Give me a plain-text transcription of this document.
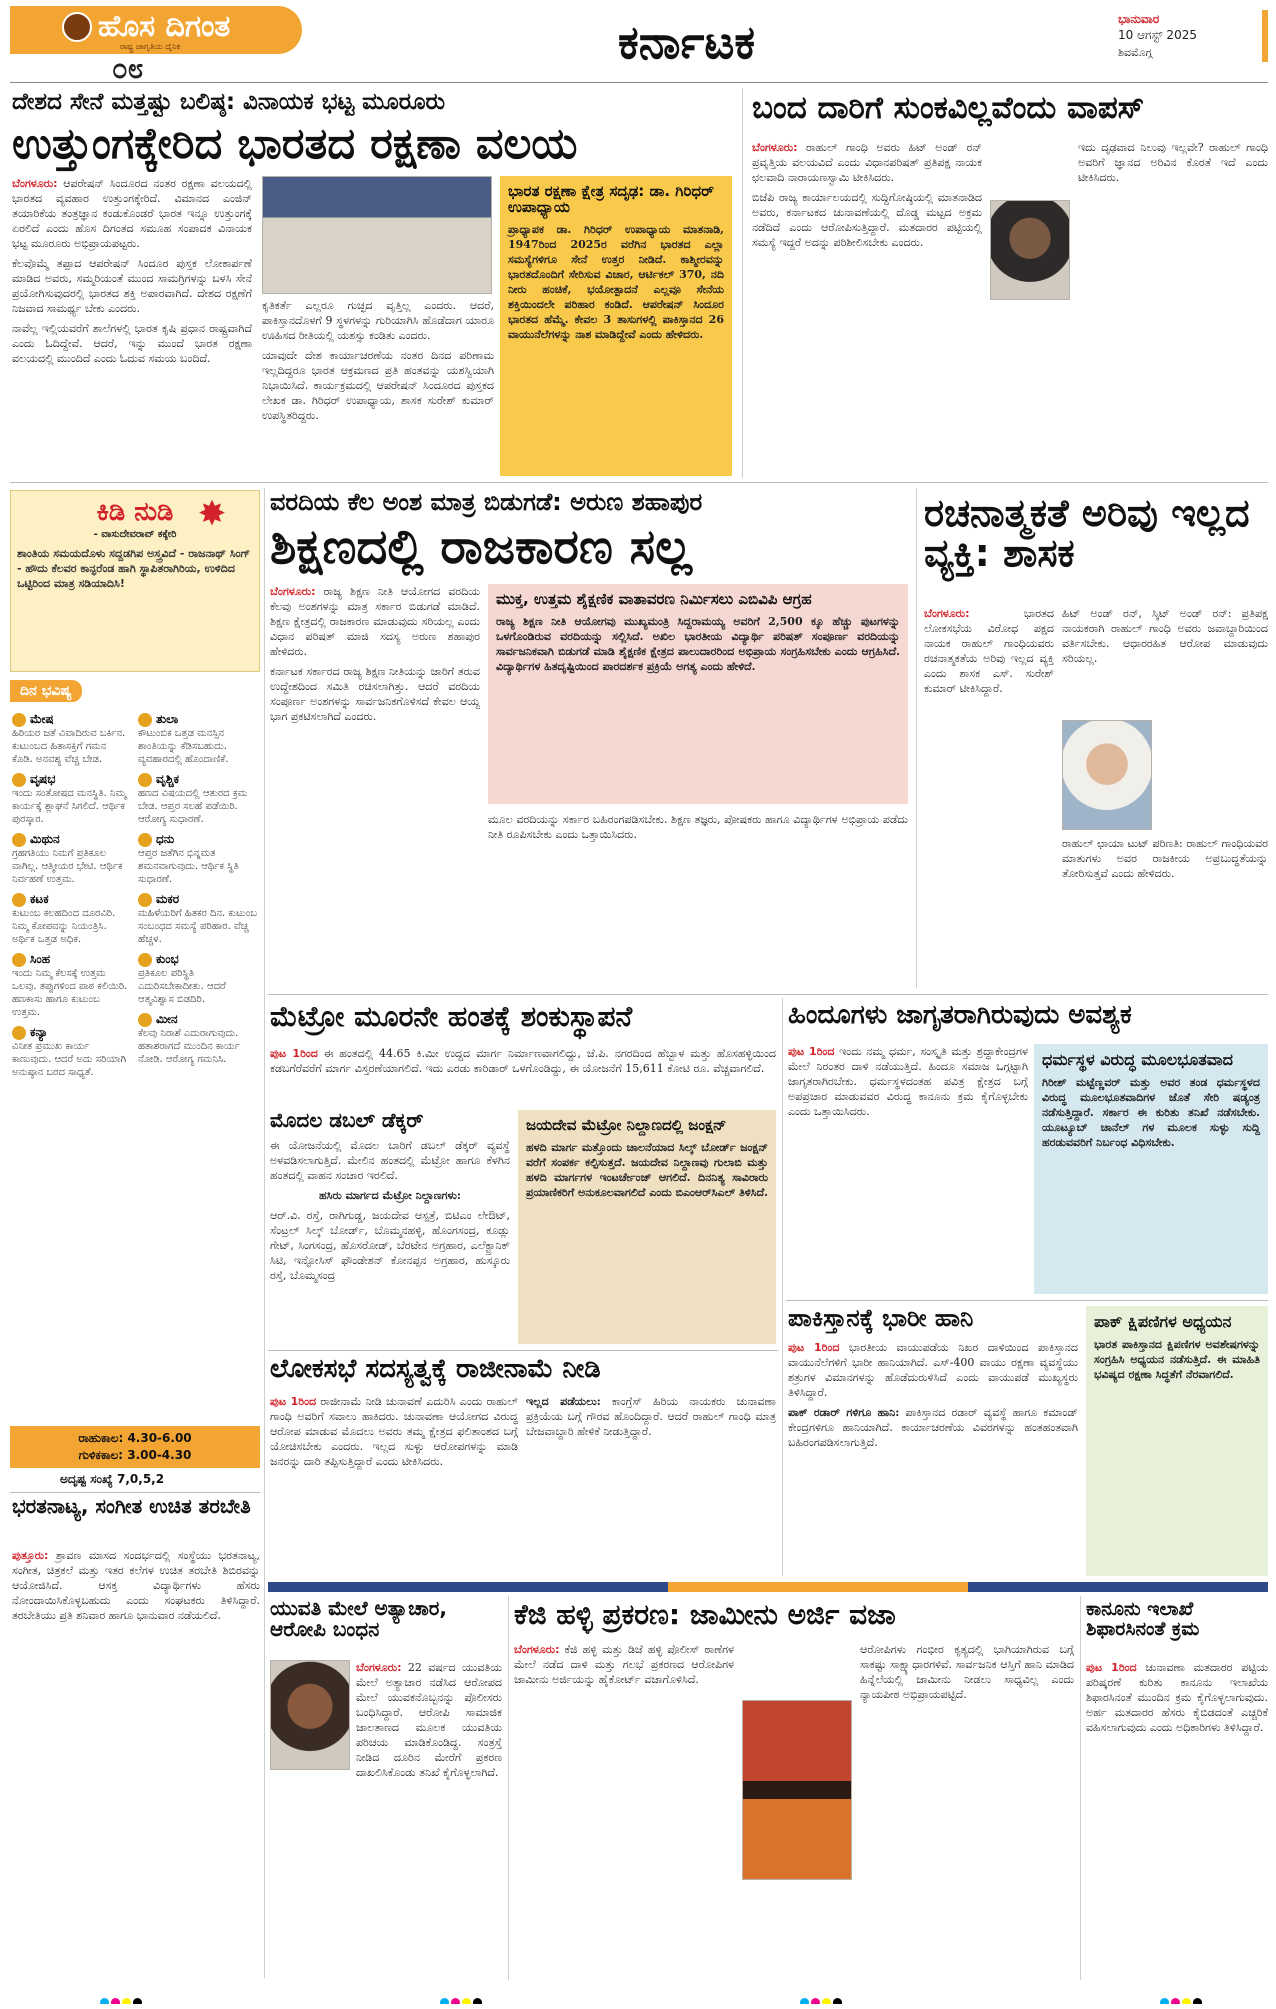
ಹೊಸ ದಿಗಂತ
ರಾಷ್ಟ್ರ ಜಾಗೃತಿಯ ದೈನಿಕ
೦೮	ಕರ್ನಾಟಕ	ಭಾನುವಾರ
10 ಆಗಸ್ಟ್ 2025
ಶಿವಮೊಗ್ಗ
ದೇಶದ ಸೇನೆ ಮತ್ತಷ್ಟು ಬಲಿಷ್ಠ: ವಿನಾಯಕ ಭಟ್ಟ ಮೂರೂರು
ಉತ್ತುಂಗಕ್ಕೇರಿದ ಭಾರತದ ರಕ್ಷಣಾ ವಲಯ

ಬೆಂಗಳೂರು: ಆಪರೇಷನ್ ಸಿಂದೂರದ ನಂತರ ರಕ್ಷಣಾ ವಲಯದಲ್ಲಿ ಭಾರತದ ವ್ಯವಹಾರ ಉತ್ತುಂಗಕ್ಕೇರಿದೆ. ವಿಮಾನದ ಎಂಜಿನ್ ತಯಾರಿಕೆಯ ತಂತ್ರಜ್ಞಾನ ಕಂಡುಕೊಂಡರೆ ಭಾರತ ಇನ್ನೂ ಉತ್ತುಂಗಕ್ಕೆ ಏರಲಿದೆ ಎಂದು ಹೊಸ ದಿಗಂತದ ಸಮೂಹ ಸಂಪಾದಕ ವಿನಾಯಕ ಭಟ್ಟ ಮೂರೂರು ಅಭಿಪ್ರಾಯಪಟ್ಟರು.

ಕೆಲವೊಮ್ಮೆ ತಪ್ಪಾದ ಆಪರೇಷನ್ ಸಿಂದೂರ ಪುಸ್ತಕ ಲೋಕಾರ್ಪಣೆ ಮಾಡಿದ ಅವರು, ಸಮ್ಮರಿಯಂತೆ ಮುಂದ ಸಾಮಗ್ರಿಗಳನ್ನು ಬಳಸಿ ಸೇನೆ ಪ್ರಯೋಗಿಸುವುದರಲ್ಲಿ ಭಾರತದ ಶಕ್ತಿ ಅಪಾರವಾಗಿದೆ. ದೇಶದ ರಕ್ಷಣೆಗೆ ನಿಜವಾದ ಸಾಮರ್ಥ್ಯ ಬೇಕು ಎಂದರು.

ನಾವೆಲ್ಲ ಇಲ್ಲಿಯವರೆಗೆ ಶಾಲೆಗಳಲ್ಲಿ ಭಾರತ ಕೃಷಿ ಪ್ರಧಾನ ರಾಷ್ಟ್ರವಾಗಿದೆ ಎಂದು ಓದಿದ್ದೇವೆ. ಆದರೆ, ಇನ್ನು ಮುಂದೆ ಭಾರತ ರಕ್ಷಣಾ ವಲಯದಲ್ಲಿ ಮುಂದಿದೆ ಎಂದು ಓದುವ ಸಮಯ ಬಂದಿದೆ.

ಕೃತಿಕರ್ತೆ ಎಲ್ಲರೂ ಗುಚ್ಛದ ವೃತ್ತಿಲ್ಲ ಎಂದರು. ಆದರೆ, ಪಾಕಿಸ್ತಾನದೊಳಗೆ 9 ಸ್ಥಳಗಳನ್ನು ಗುರಿಯಾಗಿಸಿ ಹೊಡೆದಾಗ ಯಾರೂ ಊಹಿಸದ ರೀತಿಯಲ್ಲಿ ಯಶಸ್ಸು ಕಂಡಿತು ಎಂದರು.

ಯಾವುದೇ ದೇಶ ಕಾರ್ಯಾಚರಣೆಯ ನಂತರ ದಿನದ ಪರಿಣಾಮ ಇಲ್ಲದಿದ್ದರೂ ಭಾರತ ಆಕ್ರಮಣದ ಪ್ರತಿ ಹಂತವನ್ನು ಯಶಸ್ವಿಯಾಗಿ ನಿಭಾಯಿಸಿದೆ. ಕಾರ್ಯಕ್ರಮದಲ್ಲಿ ಆಪರೇಷನ್ ಸಿಂದೂರದ ಪುಸ್ತಕದ ಲೇಖಕ ಡಾ. ಗಿರಿಧರ್ ಉಪಾಧ್ಯಾಯ, ಶಾಸಕ ಸುರೇಶ್ ಕುಮಾರ್ ಉಪಸ್ಥಿತರಿದ್ದರು.

ಭಾರತ ರಕ್ಷಣಾ ಕ್ಷೇತ್ರ ಸದೃಢ: ಡಾ. ಗಿರಿಧರ್ ಉಪಾಧ್ಯಾಯ
ಪ್ರಾಧ್ಯಾಪಕ ಡಾ. ಗಿರಿಧರ್ ಉಪಾಧ್ಯಾಯ ಮಾತನಾಡಿ, 1947ರಿಂದ 2025ರ ವರೆಗಿನ ಭಾರತದ ಎಲ್ಲಾ ಸಮಸ್ಯೆಗಳಿಗೂ ಸೇನೆ ಉತ್ತರ ನೀಡಿದೆ. ಕಾಶ್ಮೀರವನ್ನು ಭಾರತದೊಂದಿಗೆ ಸೇರಿಸುವ ವಿಚಾರ, ಆರ್ಟಿಕಲ್ 370, ನದಿ ನೀರು ಹಂಚಿಕೆ, ಭಯೋತ್ಪಾದನೆ ಎಲ್ಲವೂ ಸೇನೆಯ ಶಕ್ತಿಯಿಂದಲೇ ಪರಿಹಾರ ಕಂಡಿದೆ. ಆಪರೇಷನ್ ಸಿಂದೂರ ಭಾರತದ ಹೆಮ್ಮೆ. ಕೇವಲ 3 ತಾಸುಗಳಲ್ಲಿ ಪಾಕಿಸ್ತಾನದ 26 ವಾಯುನೆಲೆಗಳನ್ನು ನಾಶ ಮಾಡಿದ್ದೇವೆ ಎಂದು ಹೇಳಿದರು.
ಬಂದ ದಾರಿಗೆ ಸುಂಕವಿಲ್ಲವೆಂದು ವಾಪಸ್

ಬೆಂಗಳೂರು: ರಾಹುಲ್ ಗಾಂಧಿ ಅವರು ಹಿಟ್ ಅಂಡ್ ರನ್ ಪ್ರವೃತ್ತಿಯ ವಲಯವಿದೆ ಎಂದು ವಿಧಾನಪರಿಷತ್ ಪ್ರತಿಪಕ್ಷ ನಾಯಕ ಛಲವಾದಿ ನಾರಾಯಣಸ್ವಾಮಿ ಟೀಕಿಸಿದರು.

ಬಿಜೆಪಿ ರಾಜ್ಯ ಕಾರ್ಯಾಲಯದಲ್ಲಿ ಸುದ್ದಿಗೋಷ್ಠಿಯಲ್ಲಿ ಮಾತನಾಡಿದ ಅವರು, ಕರ್ನಾಟಕದ ಚುನಾವಣೆಯಲ್ಲಿ ದೊಡ್ಡ ಮಟ್ಟದ ಅಕ್ರಮ ನಡೆದಿದೆ ಎಂದು ಆರೋಪಿಸುತ್ತಿದ್ದಾರೆ. ಮತದಾರರ ಪಟ್ಟಿಯಲ್ಲಿ ಸಮಸ್ಯೆ ಇದ್ದರೆ ಅದನ್ನು ಪರಿಶೀಲಿಸಬೇಕು ಎಂದರು.

ಇದು ದೃಢವಾದ ನಿಲುವು ಇಲ್ಲವೇ? ರಾಹುಲ್ ಗಾಂಧಿ ಅವರಿಗೆ ಜ್ಞಾನದ ಅರಿವಿನ ಕೊರತೆ ಇದೆ ಎಂದು ಟೀಕಿಸಿದರು.

ಕಿಡಿ ನುಡಿ
- ವಾಸುದೇವರಾವ್ ಕಕ್ಕೇರಿ
ಶಾಂತಿಯ ಸಮಯದೊಳು ಸದ್ದಡಗಿಪ ಅಸ್ತ್ರವಿದೆ - ರಾಜನಾಥ್ ಸಿಂಗ್ - ಹೌದು ಕೆಲವರ ಕಾನ್ಫರೆಂಡ ಹಾಗಿ ಸ್ಥಾಪಿತರಾಗಿರಿಯ, ಉಳಿದಿದ ಒಟ್ಟಿರಿಂದ ಮಾತ್ರ ಸಡಿಯಾದಿಸಿ!
✸
ದಿನ ಭವಿಷ್ಯ
ಮೇಷ
ಹಿರಿಯರ ಜತೆ ವಿವಾದಿರುವ ಬರ್ಕಿನ. ಕುಟುಂಬದ ಹಿತಾಸಕ್ತಿಗೆ ಗಮನ ಕೊಡಿ. ಅನವಶ್ಯ ವೆಚ್ಚ ಬೇಡ.
ವೃಷಭ
ಇಂದು ಸಂತೋಷದ ಮನಸ್ಥಿತಿ. ನಿಮ್ಮ ಕಾರ್ಯಕ್ಕೆ ಶ್ಲಾಘನೆ ಸಿಗಲಿದೆ. ಆರ್ಥಿಕ ಪುರಸ್ಕಾರ.
ಮಿಥುನ
ಗ್ರಹಗತಿಯು ನಿಮಗೆ ಪ್ರತಿಕೂಲ ವಾಗಿಲ್ಲ. ಆತ್ಮೀಯರ ಭೇಟಿ. ಆರ್ಥಿಕ ನಿರ್ವಹಣೆ ಉತ್ತಮ.
ಕಟಕ
ಕುಟುಂಬ ಕಲಹದಿಂದ ದೂರವಿರಿ. ನಿಮ್ಮ ಕೋಪವನ್ನು ನಿಯಂತ್ರಿಸಿ. ಅರ್ಥಿಕ ಒತ್ತಡ ಅಧಿಕ.
ಸಿಂಹ
ಇಂದು ನಿಮ್ಮ ಕೆಲಸಕ್ಕೆ ಉತ್ತಮ ಒಲವು. ತಪ್ಪುಗಳಿಂದ ಪಾಠ ಕಲಿಯಿರಿ. ಹಣಕಾಸು ಹಾಗೂ ಕುಟುಂಬ ಉತ್ತಮ.
ಕನ್ಯಾ
ವಿನೀತ ಪ್ರಮುಖ ಕಾರ್ಯ ಕಾಣುವುದು. ಆದರೆ ಅದು ಸರಿಯಾಗಿ ಅನುಷ್ಠಾನ ಬರದ ಸಾಧ್ಯತೆ.
ತುಲಾ
ಕೌಟುಂಬಿಕ ಒತ್ತಡ ಮನಸ್ಸಿನ ಶಾಂತಿಯನ್ನು ಕೆಡಿಸಬಹುದು. ವ್ಯವಹಾರದಲ್ಲಿ ಹೊಂದಾಣಿಕೆ.
ವೃಶ್ಚಿಕ
ಹಣದ ವಿಷಯದಲ್ಲಿ ಆತುರದ ಕ್ರಮ ಬೇಡ. ಆಪ್ತರ ಸಲಹೆ ಪಡೆಯಿರಿ. ಆರೋಗ್ಯ ಸುಧಾರಣೆ.
ಧನು
ಆಪ್ತರ ಜತೆಗಿನ ಭಿನ್ನಮತ ಶಮನವಾಗುವುದು. ಆರ್ಥಿಕ ಸ್ಥಿತಿ ಸುಧಾರಣೆ.
ಮಕರ
ಮಹಿಳೆಯರಿಗೆ ಹಿತಕರ ದಿನ. ಕುಟುಂಬ ಸಂಬಂಧದ ಸಮಸ್ಯೆ ಪರಿಹಾರ. ವೆಚ್ಚ ಹೆಚ್ಚಳ.
ಕುಂಭ
ಪ್ರತಿಕೂಲ ಪರಿಸ್ಥಿತಿ ಎದುರಿಸಬೇಕಾದೀತು. ಆದರೆ ಆತ್ಮವಿಶ್ವಾಸ ಬಿಡದಿರಿ.
ಮೀನ
ಕೆಲವು ನಿರಾಶೆ ಎದುರಾಗುವುದು. ಹತಾಶರಾಗದೆ ಮುಂದಿನ ಕಾರ್ಯ ನೋಡಿ. ಆರೋಗ್ಯ ಗಮನಿಸಿ.
ರಾಹುಕಾಲ: 4.30-6.00
ಗುಳಿಕಕಾಲ: 3.00-4.30
ಅದೃಷ್ಟ ಸಂಖ್ಯೆ 7,0,5,2
ಭರತನಾಟ್ಯ, ಸಂಗೀತ ಉಚಿತ ತರಬೇತಿ

ಪುತ್ತೂರು: ಶ್ರಾವಣ ಮಾಸದ ಸಂದರ್ಭದಲ್ಲಿ ಸಂಸ್ಥೆಯು ಭರತನಾಟ್ಯ, ಸಂಗೀತ, ಚಿತ್ರಕಲೆ ಮತ್ತು ಇತರ ಕಲೆಗಳ ಉಚಿತ ತರಬೇತಿ ಶಿಬಿರವನ್ನು ಆಯೋಜಿಸಿದೆ. ಆಸಕ್ತ ವಿದ್ಯಾರ್ಥಿಗಳು ಹೆಸರು ನೋಂದಾಯಿಸಿಕೊಳ್ಳಬಹುದು ಎಂದು ಸಂಘಟಕರು ತಿಳಿಸಿದ್ದಾರೆ. ತರಬೇತಿಯು ಪ್ರತಿ ಶನಿವಾರ ಹಾಗೂ ಭಾನುವಾರ ನಡೆಯಲಿದೆ.

ವರದಿಯ ಕೆಲ ಅಂಶ ಮಾತ್ರ ಬಿಡುಗಡೆ: ಅರುಣ ಶಹಾಪುರ
ಶಿಕ್ಷಣದಲ್ಲಿ ರಾಜಕಾರಣ ಸಲ್ಲ

ಬೆಂಗಳೂರು: ರಾಜ್ಯ ಶಿಕ್ಷಣ ನೀತಿ ಆಯೋಗದ ವರದಿಯ ಕೆಲವು ಅಂಶಗಳನ್ನು ಮಾತ್ರ ಸರ್ಕಾರ ಬಿಡುಗಡೆ ಮಾಡಿದೆ. ಶಿಕ್ಷಣ ಕ್ಷೇತ್ರದಲ್ಲಿ ರಾಜಕಾರಣ ಮಾಡುವುದು ಸರಿಯಲ್ಲ ಎಂದು ವಿಧಾನ ಪರಿಷತ್ ಮಾಜಿ ಸದಸ್ಯ ಅರುಣ ಶಹಾಪುರ ಹೇಳಿದರು.

ಕರ್ನಾಟಕ ಸರ್ಕಾರದ ರಾಜ್ಯ ಶಿಕ್ಷಣ ನೀತಿಯನ್ನು ಜಾರಿಗೆ ತರುವ ಉದ್ದೇಶದಿಂದ ಸಮಿತಿ ರಚಿಸಲಾಗಿತ್ತು. ಆದರೆ ವರದಿಯ ಸಂಪೂರ್ಣ ಅಂಶಗಳನ್ನು ಸಾರ್ವಜನಿಕಗೊಳಿಸದೆ ಕೇವಲ ಆಯ್ದ ಭಾಗ ಪ್ರಕಟಿಸಲಾಗಿದೆ ಎಂದರು.

ಮುಕ್ತ, ಉತ್ತಮ ಶೈಕ್ಷಣಿಕ ವಾತಾವರಣ ನಿರ್ಮಿಸಲು ಎಬಿವಿಪಿ ಆಗ್ರಹ
ರಾಜ್ಯ ಶಿಕ್ಷಣ ನೀತಿ ಆಯೋಗವು ಮುಖ್ಯಮಂತ್ರಿ ಸಿದ್ದರಾಮಯ್ಯ ಅವರಿಗೆ 2,500 ಕ್ಕೂ ಹೆಚ್ಚು ಪುಟಗಳನ್ನು ಒಳಗೊಂಡಿರುವ ವರದಿಯನ್ನು ಸಲ್ಲಿಸಿದೆ. ಅಖಿಲ ಭಾರತೀಯ ವಿದ್ಯಾರ್ಥಿ ಪರಿಷತ್ ಸಂಪೂರ್ಣ ವರದಿಯನ್ನು ಸಾರ್ವಜನಿಕವಾಗಿ ಬಿಡುಗಡೆ ಮಾಡಿ ಶೈಕ್ಷಣಿಕ ಕ್ಷೇತ್ರದ ಪಾಲುದಾರರಿಂದ ಅಭಿಪ್ರಾಯ ಸಂಗ್ರಹಿಸಬೇಕು ಎಂದು ಆಗ್ರಹಿಸಿದೆ. ವಿದ್ಯಾರ್ಥಿಗಳ ಹಿತದೃಷ್ಟಿಯಿಂದ ಪಾರದರ್ಶಕ ಪ್ರಕ್ರಿಯೆ ಅಗತ್ಯ ಎಂದು ಹೇಳಿದೆ.

ಮೂಲ ವರದಿಯನ್ನು ಸರ್ಕಾರ ಬಹಿರಂಗಪಡಿಸಬೇಕು. ಶಿಕ್ಷಣ ತಜ್ಞರು, ಪೋಷಕರು ಹಾಗೂ ವಿದ್ಯಾರ್ಥಿಗಳ ಅಭಿಪ್ರಾಯ ಪಡೆದು ನೀತಿ ರೂಪಿಸಬೇಕು ಎಂದು ಒತ್ತಾಯಿಸಿದರು.

ರಚನಾತ್ಮಕತೆ ಅರಿವು ಇಲ್ಲದ ವ್ಯಕ್ತಿ: ಶಾಸಕ

ಬೆಂಗಳೂರು:	ಭಾರತದ ಲೋಕಸಭೆಯ ವಿರೋಧ ಪಕ್ಷದ ನಾಯಕ ರಾಹುಲ್ ಗಾಂಧಿಯವರು ರಚನಾತ್ಮಕತೆಯ ಅರಿವು ಇಲ್ಲದ ವ್ಯಕ್ತಿ ಎಂದು ಶಾಸಕ ಎಸ್. ಸುರೇಶ್ ಕುಮಾರ್ ಟೀಕಿಸಿದ್ದಾರೆ.

ಹಿಟ್ ಅಂಡ್ ರನ್, ಸ್ಕಿಟ್ ಅಂಡ್ ರನ್: ಪ್ರತಿಪಕ್ಷ ನಾಯಕರಾಗಿ ರಾಹುಲ್ ಗಾಂಧಿ ಅವರು ಜವಾಬ್ದಾರಿಯಿಂದ ವರ್ತಿಸಬೇಕು. ಆಧಾರರಹಿತ ಆರೋಪ ಮಾಡುವುದು ಸರಿಯಲ್ಲ.

ರಾಹುಲ್ ಛಾಯಾ ಟುಟ್ ಪರಿಣತಿ: ರಾಹುಲ್ ಗಾಂಧಿಯವರ ಮಾತುಗಳು ಅವರ ರಾಜಕೀಯ ಅಪ್ರಬುದ್ಧತೆಯನ್ನು ತೋರಿಸುತ್ತವೆ ಎಂದು ಹೇಳಿದರು.

ಮೆಟ್ರೋ ಮೂರನೇ ಹಂತಕ್ಕೆ ಶಂಕುಸ್ಥಾಪನೆ

ಪುಟ 1ರಿಂದ ಈ ಹಂತದಲ್ಲಿ 44.65 ಕಿ.ಮೀ ಉದ್ದದ ಮಾರ್ಗ ನಿರ್ಮಾಣವಾಗಲಿದ್ದು, ಜೆ.ಪಿ. ನಗರದಿಂದ ಹೆಬ್ಬಾಳ ಮತ್ತು ಹೊಸಹಳ್ಳಿಯಿಂದ ಕಡಬಗೆರೆವರೆಗೆ ಮಾರ್ಗ ವಿಸ್ತರಣೆಯಾಗಲಿದೆ. ಇದು ಎರಡು ಕಾರಿಡಾರ್ ಒಳಗೊಂಡಿದ್ದು, ಈ ಯೋಜನೆಗೆ 15,611 ಕೋಟಿ ರೂ. ವೆಚ್ಚವಾಗಲಿದೆ.

ಮೊದಲ ಡಬಲ್ ಡೆಕ್ಕರ್

ಈ ಯೋಜನೆಯಲ್ಲಿ ಮೊದಲ ಬಾರಿಗೆ ಡಬಲ್ ಡೆಕ್ಕರ್ ವ್ಯವಸ್ಥೆ ಅಳವಡಿಸಲಾಗುತ್ತಿದೆ. ಮೇಲಿನ ಹಂತದಲ್ಲಿ ಮೆಟ್ರೋ ಹಾಗೂ ಕೆಳಗಿನ ಹಂತದಲ್ಲಿ ವಾಹನ ಸಂಚಾರ ಇರಲಿದೆ.

ಹಸಿರು ಮಾರ್ಗದ ಮೆಟ್ರೋ ನಿಲ್ದಾಣಗಳು:

ಆರ್.ವಿ. ರಸ್ತೆ, ರಾಗಿಗುಡ್ಡ, ಜಯದೇವ ಆಸ್ಪತ್ರೆ, ಬಿಟಿಎಂ ಲೇಔಟ್, ಸೆಂಟ್ರಲ್ ಸಿಲ್ಕ್ ಬೋರ್ಡ್, ಬೊಮ್ಮನಹಳ್ಳಿ, ಹೊಂಗಸಂದ್ರ, ಕೂಡ್ಲು ಗೇಟ್, ಸಿಂಗಸಂದ್ರ, ಹೊಸರೋಡ್, ಬೆರಟೇನ ಅಗ್ರಹಾರ, ಎಲೆಕ್ಟ್ರಾನಿಕ್ ಸಿಟಿ, ಇನ್ಫೋಸಿಸ್ ಫೌಂಡೇಶನ್ ಕೋನಪ್ಪನ ಅಗ್ರಹಾರ, ಹುಸ್ಕೂರು ರಸ್ತೆ, ಬೊಮ್ಮಸಂದ್ರ

ಜಯದೇವ ಮೆಟ್ರೋ ನಿಲ್ದಾಣದಲ್ಲಿ ಜಂಕ್ಷನ್
ಹಳದಿ ಮಾರ್ಗ ಮತ್ತೊಂದು ಚಾಲನೆಯಾದ ಸಿಲ್ಕ್ ಬೋರ್ಡ್ ಜಂಕ್ಷನ್ ವರೆಗೆ ಸಂಪರ್ಕ ಕಲ್ಪಿಸುತ್ತದೆ. ಜಯದೇವ ನಿಲ್ದಾಣವು ಗುಲಾಬಿ ಮತ್ತು ಹಳದಿ ಮಾರ್ಗಗಳ ಇಂಟರ್ಚೇಂಜ್ ಆಗಲಿದೆ. ದಿನನಿತ್ಯ ಸಾವಿರಾರು ಪ್ರಯಾಣಿಕರಿಗೆ ಅನುಕೂಲವಾಗಲಿದೆ ಎಂದು ಬಿಎಂಆರ್‌ಸಿಎಲ್ ತಿಳಿಸಿದೆ.
ಲೋಕಸಭೆ ಸದಸ್ಯತ್ವಕ್ಕೆ ರಾಜೀನಾಮೆ ನೀಡಿ

ಪುಟ 1ರಿಂದ ರಾಜೀನಾಮೆ ನೀಡಿ ಚುನಾವಣೆ ಎದುರಿಸಿ ಎಂದು ರಾಹುಲ್ ಗಾಂಧಿ ಅವರಿಗೆ ಸವಾಲು ಹಾಕಿದರು. ಚುನಾವಣಾ ಆಯೋಗದ ವಿರುದ್ಧ ಆರೋಪ ಮಾಡುವ ಮೊದಲು ಅವರು ತಮ್ಮ ಕ್ಷೇತ್ರದ ಫಲಿತಾಂಶದ ಬಗ್ಗೆ ಯೋಚಿಸಬೇಕು ಎಂದರು. ಇಲ್ಲದ ಸುಳ್ಳು ಆರೋಪಗಳನ್ನು ಮಾಡಿ ಜನರನ್ನು ದಾರಿ ತಪ್ಪಿಸುತ್ತಿದ್ದಾರೆ ಎಂದು ಟೀಕಿಸಿದರು.

ಇಲ್ಲದ ಪಡೆಯಲು: ಕಾಂಗ್ರೆಸ್ ಹಿರಿಯ ನಾಯಕರು ಚುನಾವಣಾ ಪ್ರಕ್ರಿಯೆಯ ಬಗ್ಗೆ ಗೌರವ ಹೊಂದಿದ್ದಾರೆ. ಆದರೆ ರಾಹುಲ್ ಗಾಂಧಿ ಮಾತ್ರ ಬೇಜವಾಬ್ದಾರಿ ಹೇಳಿಕೆ ನೀಡುತ್ತಿದ್ದಾರೆ.

ಹಿಂದೂಗಳು ಜಾಗೃತರಾಗಿರುವುದು ಅವಶ್ಯಕ

ಪುಟ 1ರಿಂದ ಇಂದು ನಮ್ಮ ಧರ್ಮ, ಸಂಸ್ಕೃತಿ ಮತ್ತು ಶ್ರದ್ಧಾಕೇಂದ್ರಗಳ ಮೇಲೆ ನಿರಂತರ ದಾಳಿ ನಡೆಯುತ್ತಿದೆ. ಹಿಂದೂ ಸಮಾಜ ಒಗ್ಗಟ್ಟಾಗಿ ಜಾಗೃತರಾಗಿರಬೇಕು. ಧರ್ಮಸ್ಥಳದಂತಹ ಪವಿತ್ರ ಕ್ಷೇತ್ರದ ಬಗ್ಗೆ ಅಪಪ್ರಚಾರ ಮಾಡುವವರ ವಿರುದ್ಧ ಕಾನೂನು ಕ್ರಮ ಕೈಗೊಳ್ಳಬೇಕು ಎಂದು ಒತ್ತಾಯಿಸಿದರು.

ಧರ್ಮಸ್ಥಳ ವಿರುದ್ಧ ಮೂಲಭೂತವಾದ
ಗಿರೀಶ್ ಮಟ್ಟೆಣ್ಣವರ್ ಮತ್ತು ಅವರ ತಂಡ ಧರ್ಮಸ್ಥಳದ ವಿರುದ್ಧ ಮೂಲಭೂತವಾದಿಗಳ ಜೊತೆ ಸೇರಿ ಷಡ್ಯಂತ್ರ ನಡೆಸುತ್ತಿದ್ದಾರೆ. ಸರ್ಕಾರ ಈ ಕುರಿತು ತನಿಖೆ ನಡೆಸಬೇಕು. ಯೂಟ್ಯೂಬ್ ಚಾನೆಲ್ ಗಳ ಮೂಲಕ ಸುಳ್ಳು ಸುದ್ದಿ ಹರಡುವವರಿಗೆ ನಿರ್ಬಂಧ ವಿಧಿಸಬೇಕು.
ಪಾಕಿಸ್ತಾನಕ್ಕೆ ಭಾರೀ ಹಾನಿ

ಪುಟ 1ರಿಂದ ಭಾರತೀಯ ವಾಯುಪಡೆಯ ನಿಖರ ದಾಳಿಯಿಂದ ಪಾಕಿಸ್ತಾನದ ವಾಯುನೆಲೆಗಳಿಗೆ ಭಾರೀ ಹಾನಿಯಾಗಿದೆ. ಎಸ್-400 ವಾಯು ರಕ್ಷಣಾ ವ್ಯವಸ್ಥೆಯು ಶತ್ರುಗಳ ವಿಮಾನಗಳನ್ನು ಹೊಡೆದುರುಳಿಸಿದೆ ಎಂದು ವಾಯುಪಡೆ ಮುಖ್ಯಸ್ಥರು ತಿಳಿಸಿದ್ದಾರೆ.

ಪಾಕ್ ರಡಾರ್ ಗಳಿಗೂ ಹಾನಿ: ಪಾಕಿಸ್ತಾನದ ರಡಾರ್ ವ್ಯವಸ್ಥೆ ಹಾಗೂ ಕಮಾಂಡ್ ಕೇಂದ್ರಗಳಿಗೂ ಹಾನಿಯಾಗಿದೆ. ಕಾರ್ಯಾಚರಣೆಯ ವಿವರಗಳನ್ನು ಹಂತಹಂತವಾಗಿ ಬಹಿರಂಗಪಡಿಸಲಾಗುತ್ತಿದೆ.

ಪಾಕ್ ಕ್ಷಿಪಣಿಗಳ ಅಧ್ಯಯನ
ಭಾರತ ಪಾಕಿಸ್ತಾನದ ಕ್ಷಿಪಣಿಗಳ ಅವಶೇಷಗಳನ್ನು ಸಂಗ್ರಹಿಸಿ ಅಧ್ಯಯನ ನಡೆಸುತ್ತಿದೆ. ಈ ಮಾಹಿತಿ ಭವಿಷ್ಯದ ರಕ್ಷಣಾ ಸಿದ್ಧತೆಗೆ ನೆರವಾಗಲಿದೆ.
ಯುವತಿ ಮೇಲೆ ಅತ್ಯಾಚಾರ, ಆರೋಪಿ ಬಂಧನ

ಬೆಂಗಳೂರು: 22 ವರ್ಷದ ಯುವತಿಯ ಮೇಲೆ ಅತ್ಯಾಚಾರ ನಡೆಸಿದ ಆರೋಪದ ಮೇಲೆ ಯುವಕನೊಬ್ಬನನ್ನು ಪೊಲೀಸರು ಬಂಧಿಸಿದ್ದಾರೆ. ಆರೋಪಿ ಸಾಮಾಜಿಕ ಜಾಲತಾಣದ ಮೂಲಕ ಯುವತಿಯ ಪರಿಚಯ ಮಾಡಿಕೊಂಡಿದ್ದ. ಸಂತ್ರಸ್ತೆ ನೀಡಿದ ದೂರಿನ ಮೇರೆಗೆ ಪ್ರಕರಣ ದಾಖಲಿಸಿಕೊಂಡು ತನಿಖೆ ಕೈಗೊಳ್ಳಲಾಗಿದೆ.

ಕೆಜಿ ಹಳ್ಳಿ ಪ್ರಕರಣ: ಜಾಮೀನು ಅರ್ಜಿ ವಜಾ

ಬೆಂಗಳೂರು: ಕೆಜಿ ಹಳ್ಳಿ ಮತ್ತು ಡಿಜೆ ಹಳ್ಳಿ ಪೊಲೀಸ್ ಠಾಣೆಗಳ ಮೇಲೆ ನಡೆದ ದಾಳಿ ಮತ್ತು ಗಲಭೆ ಪ್ರಕರಣದ ಆರೋಪಿಗಳ ಜಾಮೀನು ಅರ್ಜಿಯನ್ನು ಹೈಕೋರ್ಟ್ ವಜಾಗೊಳಿಸಿದೆ.

ಆರೋಪಿಗಳು ಗಂಭೀರ ಕೃತ್ಯದಲ್ಲಿ ಭಾಗಿಯಾಗಿರುವ ಬಗ್ಗೆ ಸಾಕಷ್ಟು ಸಾಕ್ಷ್ಯಾಧಾರಗಳಿವೆ. ಸಾರ್ವಜನಿಕ ಆಸ್ತಿಗೆ ಹಾನಿ ಮಾಡಿದ ಹಿನ್ನೆಲೆಯಲ್ಲಿ ಜಾಮೀನು ನೀಡಲು ಸಾಧ್ಯವಿಲ್ಲ ಎಂದು ನ್ಯಾಯಪೀಠ ಅಭಿಪ್ರಾಯಪಟ್ಟಿದೆ.

ಕಾನೂನು ಇಲಾಖೆ ಶಿಫಾರಸಿನಂತೆ ಕ್ರಮ

ಪುಟ 1ರಿಂದ ಚುನಾವಣಾ ಮತದಾರರ ಪಟ್ಟಿಯ ಪರಿಷ್ಕರಣೆ ಕುರಿತು ಕಾನೂನು ಇಲಾಖೆಯ ಶಿಫಾರಸಿನಂತೆ ಮುಂದಿನ ಕ್ರಮ ಕೈಗೊಳ್ಳಲಾಗುವುದು. ಅರ್ಹ ಮತದಾರರ ಹೆಸರು ಕೈಬಿಡದಂತೆ ಎಚ್ಚರಿಕೆ ವಹಿಸಲಾಗುವುದು ಎಂದು ಅಧಿಕಾರಿಗಳು ತಿಳಿಸಿದ್ದಾರೆ.
